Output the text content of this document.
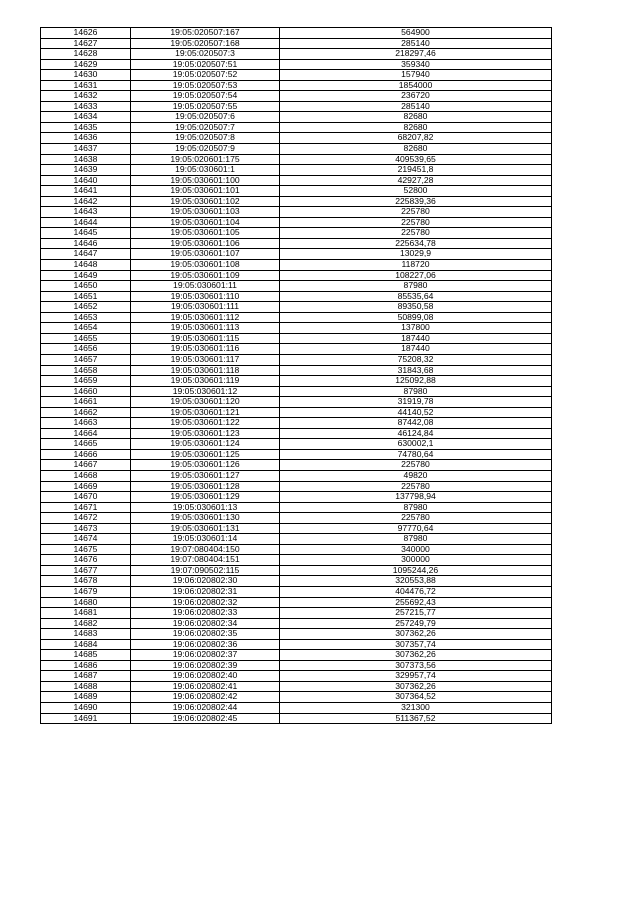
14626	19:05:020507:167	564900
14627	19:05:020507:168	285140
14628	19:05:020507:3	218297,46
14629	19:05:020507:51	359340
14630	19:05:020507:52	157940
14631	19:05:020507:53	1854000
14632	19:05:020507:54	236720
14633	19:05:020507:55	285140
14634	19:05:020507:6	82680
14635	19:05:020507:7	82680
14636	19:05:020507:8	68207,82
14637	19:05:020507:9	82680
14638	19:05:020601:175	409539,65
14639	19:05:030601:1	219451,8
14640	19:05:030601:100	42927,28
14641	19:05:030601:101	52800
14642	19:05:030601:102	225839,36
14643	19:05:030601:103	225780
14644	19:05:030601:104	225780
14645	19:05:030601:105	225780
14646	19:05:030601:106	225634,78
14647	19:05:030601:107	13029,9
14648	19:05:030601:108	118720
14649	19:05:030601:109	108227,06
14650	19:05:030601:11	87980
14651	19:05:030601:110	85535,64
14652	19:05:030601:111	89350,58
14653	19:05:030601:112	50899,08
14654	19:05:030601:113	137800
14655	19:05:030601:115	187440
14656	19:05:030601:116	187440
14657	19:05:030601:117	75208,32
14658	19:05:030601:118	31843,68
14659	19:05:030601:119	125092,88
14660	19:05:030601:12	87980
14661	19:05:030601:120	31919,78
14662	19:05:030601:121	44140,52
14663	19:05:030601:122	87442,08
14664	19:05:030601:123	46124,84
14665	19:05:030601:124	630002,1
14666	19:05:030601:125	74780,64
14667	19:05:030601:126	225780
14668	19:05:030601:127	49820
14669	19:05:030601:128	225780
14670	19:05:030601:129	137798,94
14671	19:05:030601:13	87980
14672	19:05:030601:130	225780
14673	19:05:030601:131	97770,64
14674	19:05:030601:14	87980
14675	19:07:080404:150	340000
14676	19:07:080404:151	300000
14677	19:07:090502:115	1095244,26
14678	19:06:020802:30	320553,88
14679	19:06:020802:31	404476,72
14680	19:06:020802:32	255692,43
14681	19:06:020802:33	257215,77
14682	19:06:020802:34	257249,79
14683	19:06:020802:35	307362,26
14684	19:06:020802:36	307357,74
14685	19:06:020802:37	307362,26
14686	19:06:020802:39	307373,56
14687	19:06:020802:40	329957,74
14688	19:06:020802:41	307362,26
14689	19:06:020802:42	307364,52
14690	19:06:020802:44	321300
14691	19:06:020802:45	511367,52
